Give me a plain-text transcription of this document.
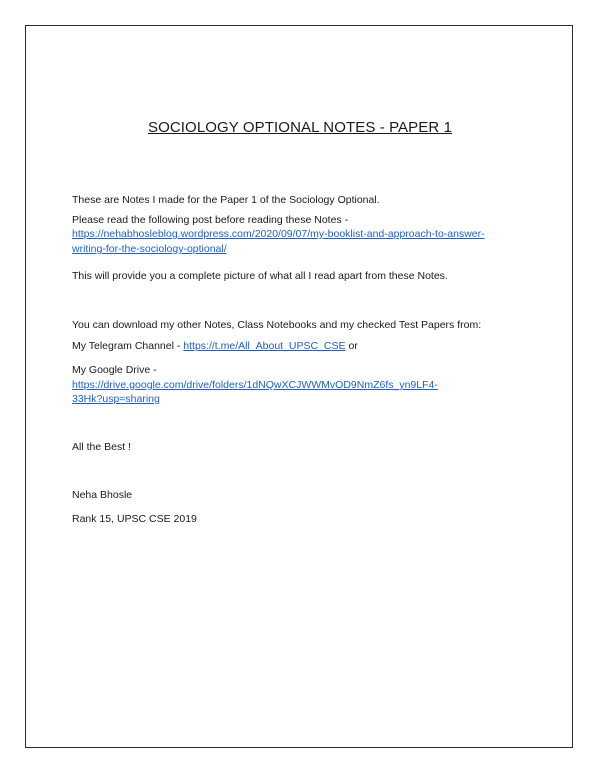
SOCIOLOGY OPTIONAL NOTES - PAPER 1

These are Notes I made for the Paper 1 of the Sociology Optional.

Please read the following post before reading these Notes -

https://nehabhosleblog.wordpress.com/2020/09/07/my-booklist-and-approach-to-answer-

writing-for-the-sociology-optional/

This will provide you a complete picture of what all I read apart from these Notes.

You can download my other Notes, Class Notebooks and my checked Test Papers from:

My Telegram Channel - https://t.me/All_About_UPSC_CSE or

My Google Drive -

https://drive.google.com/drive/folders/1dNQwXCJWWMvOD9NmZ6fs_yn9LF4-

33Hk?usp=sharing

All the Best !

Neha Bhosle

Rank 15, UPSC CSE 2019
